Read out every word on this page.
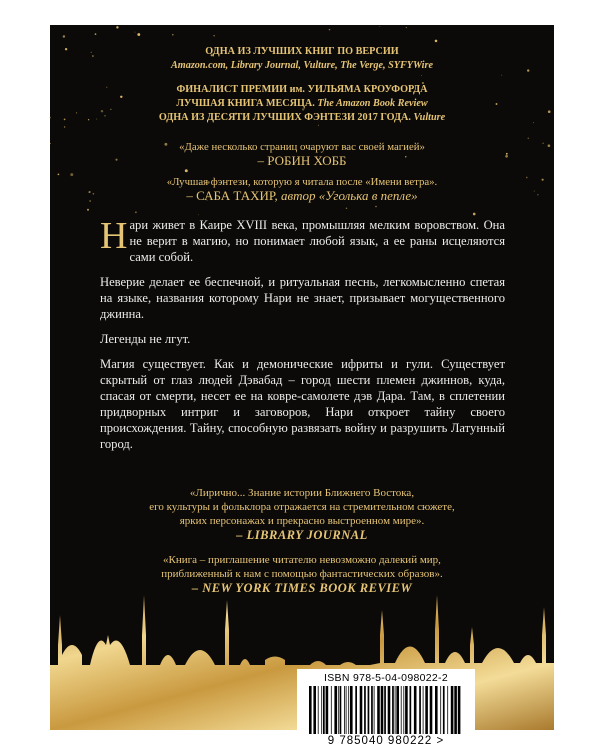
ОДНА ИЗ ЛУЧШИХ КНИГ ПО ВЕРСИИ
Amazon.com, Library Journal, Vulture, The Verge, SYFYWire
ФИНАЛИСТ ПРЕМИИ им. УИЛЬЯМА КРОУФОРДА
ЛУЧШАЯ КНИГА МЕСЯЦА. The Amazon Book Review
ОДНА ИЗ ДЕСЯТИ ЛУЧШИХ ФЭНТЕЗИ 2017 ГОДА. Vulture
«Даже несколько страниц очаруют вас своей магией»
– РОБИН ХОББ
«Лучшая фэнтези, которую я читала после «Имени ветра».
– САБА ТАХИР, автор «Уголька в пепле»

Нари живет в Каире XVIII века, промышляя мелким воровством. Она не верит в магию, но понимает любой язык, а ее раны исцеляются сами собой.

Неверие делает ее беспечной, и ритуальная песнь, легкомысленно спетая на языке, названия которому Нари не знает, призывает могущественного джинна.

Легенды не лгут.

Магия существует. Как и демонические ифриты и гули. Существует скрытый от глаз людей Дэвабад – город шести племен джиннов, куда, спасая от смерти, несет ее на ковре-самолете дэв Дара. Там, в сплетении придворных интриг и заговоров, Нари откроет тайну своего происхождения. Тайну, способную развязать войну и разрушить Латунный город.

«Лирично... Знание истории Ближнего Востока,
его культуры и фольклора отражается на стремительном сюжете,
ярких персонажах и прекрасно выстроенном мире».
– LIBRARY JOURNAL
«Книга – приглашение читателю невозможно далекий мир,
приближенный к нам с помощью фантастических образов».
– NEW YORK TIMES BOOK REVIEW
ISBN 978-5-04-098022-2
9 785040 980222 >
